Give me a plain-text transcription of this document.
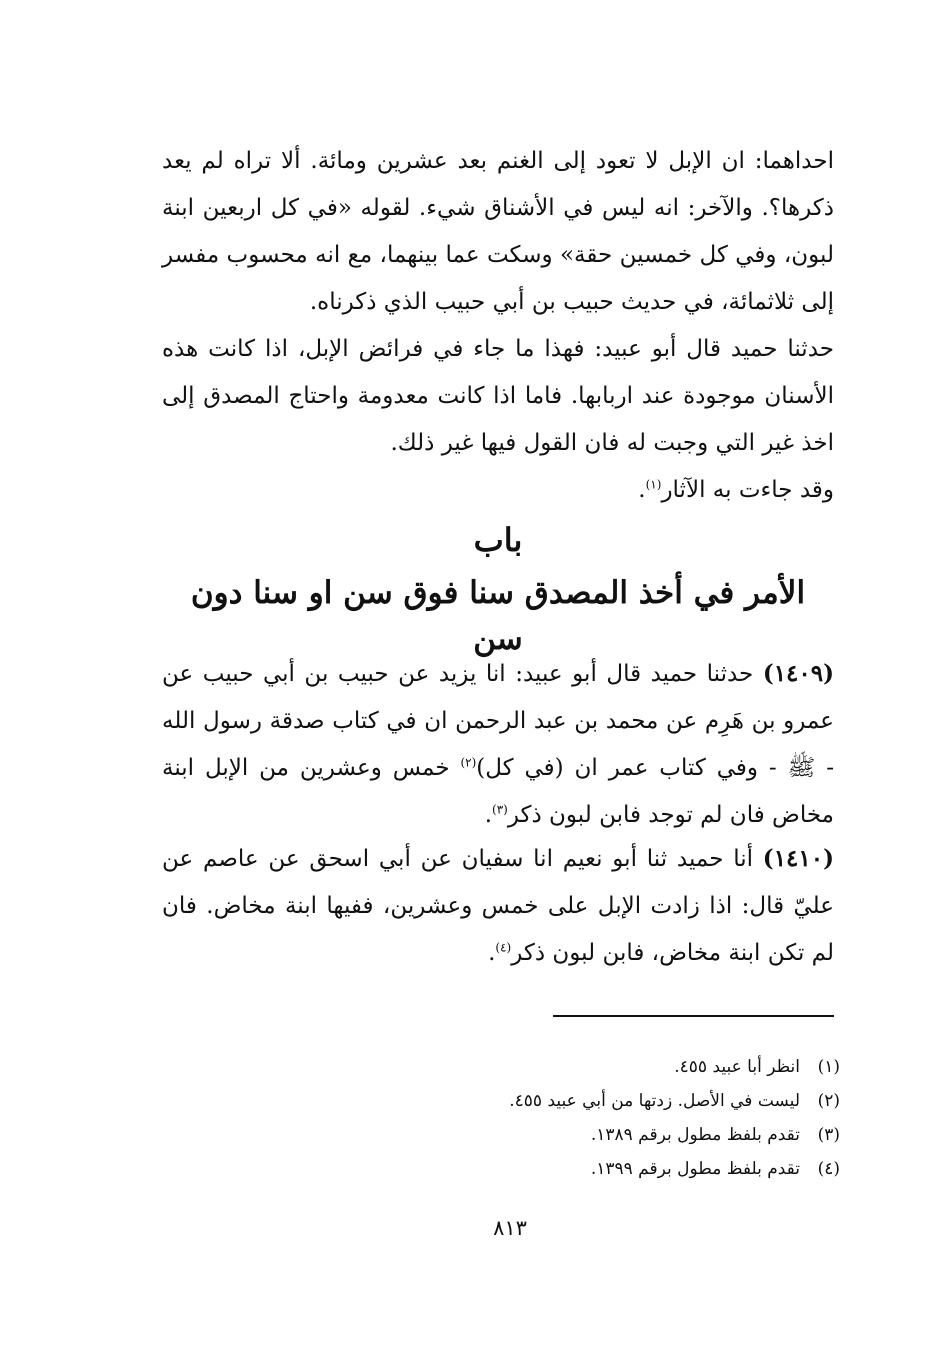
احداهما: ان الإبل لا تعود إلى الغنم بعد عشرين ومائة. ألا تراه لم يعد ذكرها؟. والآخر: انه ليس في الأشناق شيء. لقوله «في كل اربعين ابنة لبون، وفي كل خمسين حقة» وسكت عما بينهما، مع انه محسوب مفسر إلى ثلاثمائة، في حديث حبيب بن أبي حبيب الذي ذكرناه.

حدثنا حميد قال أبو عبيد: فهذا ما جاء في فرائض الإبل، اذا كانت هذه الأسنان موجودة عند اربابها. فاما اذا كانت معدومة واحتاج المصدق إلى اخذ غير التي وجبت له فان القول فيها غير ذلك.

وقد جاءت به الآثار$^{(١)}$.

باب
الأمر في أخذ المصدق سنا فوق سن او سنا دون سن

(١٤٠٩) حدثنا حميد قال أبو عبيد: انا يزيد عن حبيب بن أبي حبيب عن عمرو بن هَرِم عن محمد بن عبد الرحمن ان في كتاب صدقة رسول الله - ﷺ - وفي كتاب عمر ان (في كل)$^{(٢)}$ خمس وعشرين من الإبل ابنة مخاض فان لم توجد فابن لبون ذكر$^{(٣)}$.

(١٤١٠) أنا حميد ثنا أبو نعيم انا سفيان عن أبي اسحق عن عاصم عن عليّ قال: اذا زادت الإبل على خمس وعشرين، ففيها ابنة مخاض. فان لم تكن ابنة مخاض، فابن لبون ذكر$^{(٤)}$.

(١)
انظر أبا عبيد ٤٥٥.
(٢)
ليست في الأصل. زدتها من أبي عبيد ٤٥٥.
(٣)
تقدم بلفظ مطول برقم ١٣٨٩.
(٤)
تقدم بلفظ مطول برقم ١٣٩٩.
٨١٣
